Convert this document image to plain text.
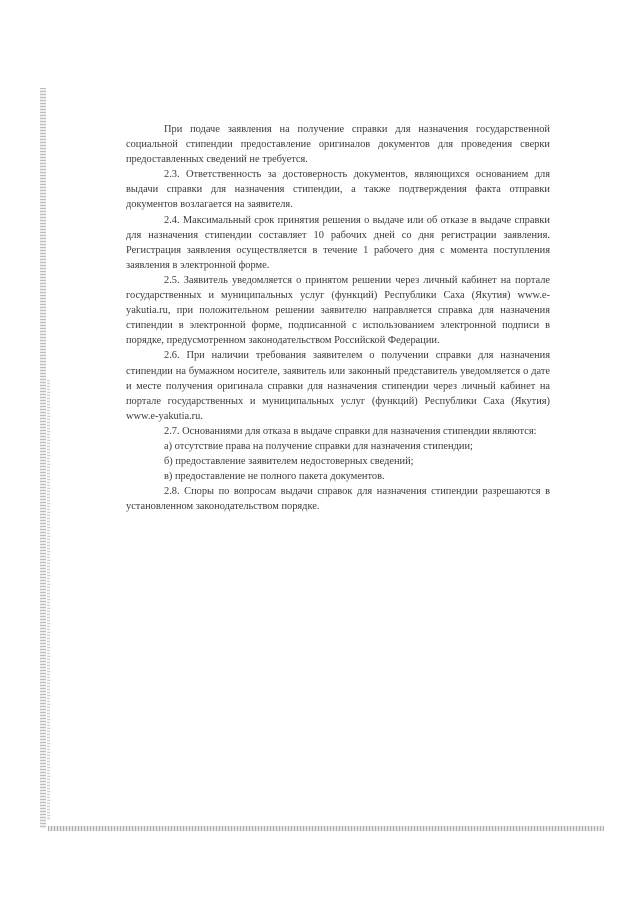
При подаче заявления на получение справки для назначения государственной социальной стипендии предоставление оригиналов документов для проведения сверки предоставленных сведений не требуется.

2.3. Ответственность за достоверность документов, являющихся основанием для выдачи справки для назначения стипендии, а также подтверждения факта отправки документов возлагается на заявителя.

2.4. Максимальный срок принятия решения о выдаче или об отказе в выдаче справки для назначения стипендии составляет 10 рабочих дней со дня регистрации заявления. Регистрация заявления осуществляется в течение 1 рабочего дня с момента поступления заявления в электронной форме.

2.5. Заявитель уведомляется о принятом решении через личный кабинет на портале государственных и муниципальных услуг (функций) Республики Саха (Якутия) www.e-yakutia.ru, при положительном решении заявителю направляется справка для назначения стипендии в электронной форме, подписанной с использованием электронной подписи в порядке, предусмотренном законодательством Российской Федерации.

2.6. При наличии требования заявителем о получении справки для назначения стипендии на бумажном носителе, заявитель или законный представитель уведомляется о дате и месте получения оригинала справки для назначения стипендии через личный кабинет на портале государственных и муниципальных услуг (функций) Республики Саха (Якутия) www.e-yakutia.ru.

2.7. Основаниями для отказа в выдаче справки для назначения стипендии являются:

а) отсутствие права на получение справки для назначения стипендии;

б) предоставление заявителем недостоверных сведений;

в) предоставление не полного пакета документов.

2.8. Споры по вопросам выдачи справок для назначения стипендии разрешаются в установленном законодательством порядке.
